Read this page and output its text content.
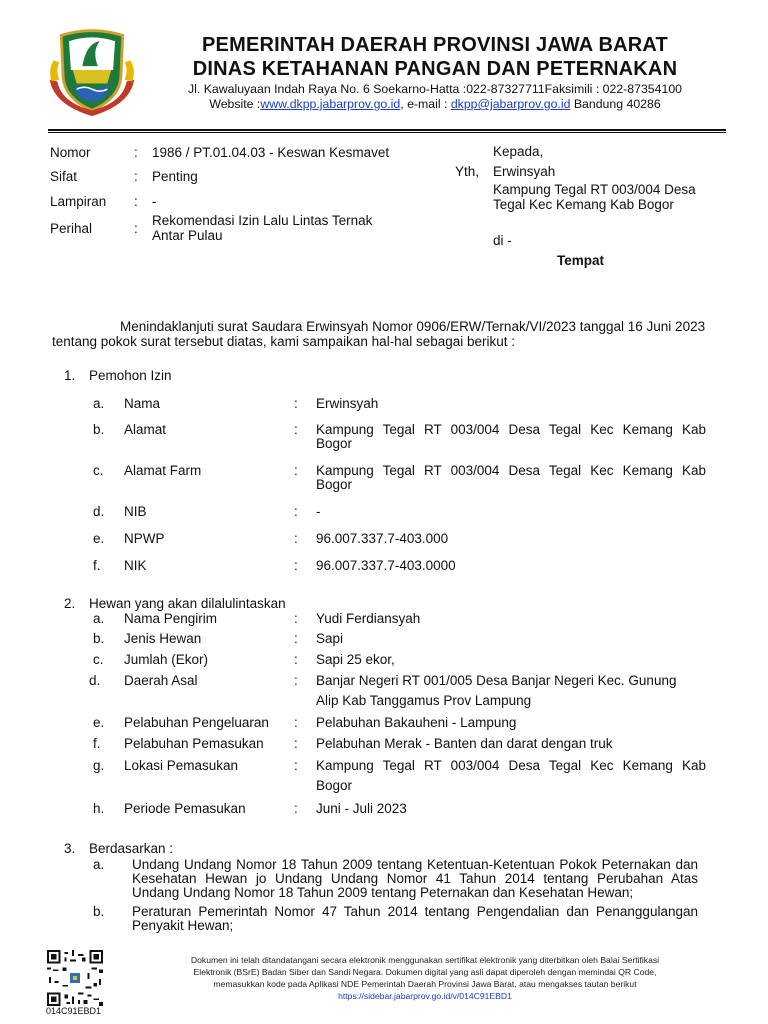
PEMERINTAH DAERAH PROVINSI JAWA BARAT
DINAS KETAHANAN PANGAN DAN PETERNAKAN
Jl. Kawaluyaan Indah Raya No. 6 Soekarno-Hatta :022-87327711Faksimili : 022-87354100
Website :www.dkpp.jabarprov.go.id, e-mail : dkpp@jabarprov.go.id Bandung 40286
Nomor	: 1986 / PT.01.04.03 - Keswan Kesmavet
Sifat	: Penting
Lampiran : -
Perihal	:
Rekomendasi Izin Lalu Lintas Ternak
Antar Pulau
Kepada,
Yth, Erwinsyah
Kampung Tegal RT 003/004 Desa
Tegal Kec Kemang Kab Bogor
di -
Tempat
Menindaklanjuti surat Saudara Erwinsyah Nomor 0906/ERW/Ternak/VI/2023 tanggal 16 Juni 2023
tentang pokok surat tersebut diatas, kami sampaikan hal-hal sebagai berikut :
1. Pemohon Izin
a. Nama	: Erwinsyah
b. Alamat	: Kampung Tegal RT 003/004 Desa Tegal Kec Kemang Kab
Bogor
c. Alamat Farm	: Kampung Tegal RT 003/004 Desa Tegal Kec Kemang Kab
Bogor
d. NIB	: -
e. NPWP	: 96.007.337.7-403.000
f. NIK	: 96.007.337.7-403.0000
2. Hewan yang akan dilalulintaskan
a. Nama Pengirim	: Yudi Ferdiansyah
b. Jenis Hewan	: Sapi
c. Jumlah (Ekor)	: Sapi 25 ekor,
d. Daerah Asal	: Banjar Negeri RT 001/005 Desa Banjar Negeri Kec. Gunung
Alip Kab Tanggamus Prov Lampung
e. Pelabuhan Pengeluaran : Pelabuhan Bakauheni - Lampung
f. Pelabuhan Pemasukan : Pelabuhan Merak - Banten dan darat dengan truk
g. Lokasi Pemasukan	: Kampung Tegal RT 003/004 Desa Tegal Kec Kemang Kab
Bogor
h. Periode Pemasukan	: Juni - Juli 2023
3. Berdasarkan :
a. Undang Undang Nomor 18 Tahun 2009 tentang Ketentuan-Ketentuan Pokok Peternakan dan
Kesehatan Hewan jo Undang Undang Nomor 41 Tahun 2014 tentang Perubahan Atas
Undang Undang Nomor 18 Tahun 2009 tentang Peternakan dan Kesehatan Hewan;
b. Peraturan Pemerintah Nomor 47 Tahun 2014 tentang Pengendalian dan Penanggulangan
Penyakit Hewan;
014C91EBD1
Dokumen ini telah ditandatangani secara elektronik menggunakan sertifikat elektronik yang diterbitkan oleh Balai Sertifikasi
Elektronik (BSrE) Badan Siber dan Sandi Negara. Dokumen digital yang asli dapat diperoleh dengan memindai QR Code,
memasukkan kode pada Aplikasi NDE Pemerintah Daerah Provinsi Jawa Barat, atau mengakses tautan berikut
https://sidebar.jabarprov.go.id/v/014C91EBD1
